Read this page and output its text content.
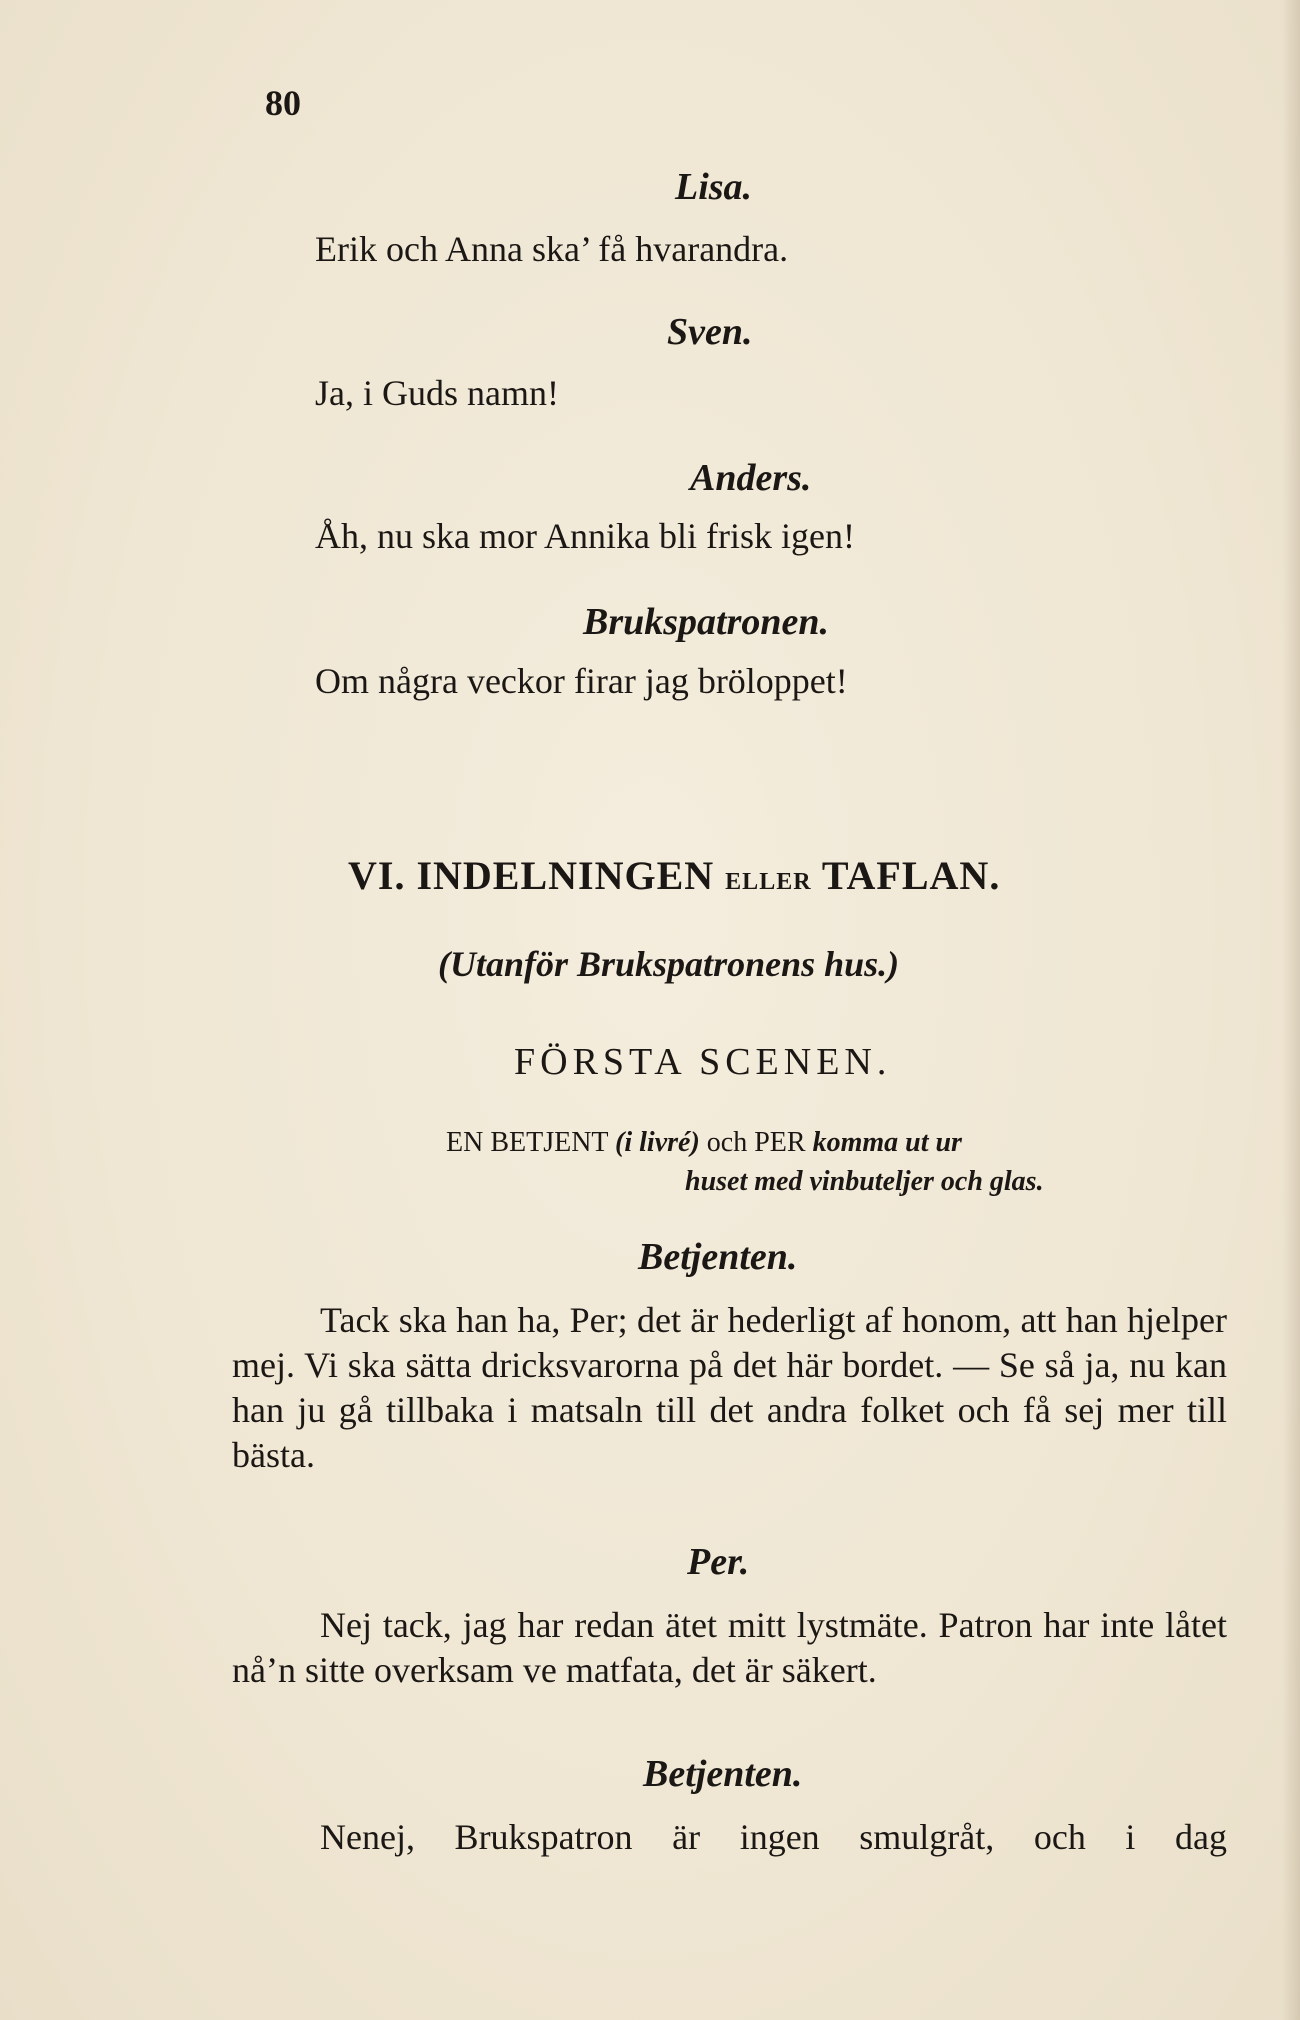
80
Lisa.
Erik och Anna ska’ få hvarandra.
Sven.
Ja, i Guds namn!
Anders.
Åh, nu ska mor Annika bli frisk igen!
Brukspatronen.
Om några veckor firar jag bröloppet!
VI. INDELNINGEN ELLER TAFLAN.
(Utanför Brukspatronens hus.)
FÖRSTA SCENEN.
EN BETJENT (i livré) och PER komma ut ur
huset med vinbuteljer och glas.
Betjenten.
Tack ska han ha, Per; det är hederligt af honom, att han hjelper mej. Vi ska sätta dricksvarorna på det här bordet. — Se så ja, nu kan han ju gå tillbaka i matsaln till det andra folket och få sej mer till bästa.
Per.
Nej tack, jag har redan ätet mitt lystmäte. Patron har inte låtet nå’n sitte overksam ve matfata, det är säkert.
Betjenten.
Nenej, Brukspatron är ingen smulgråt, och i dag
